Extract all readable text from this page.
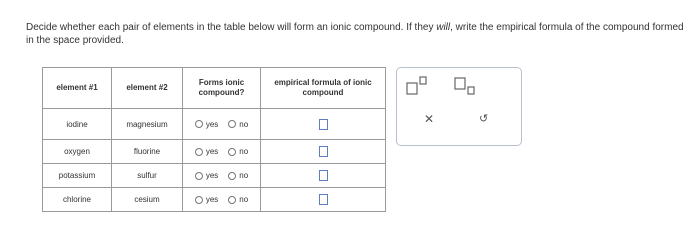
Decide whether each pair of elements in the table below will form an ionic compound. If they will, write the empirical formula of the compound formed in the space provided.
element #1	element #2	Forms ionic compound?	empirical formula of ionic compound
iodine	magnesium	yes no	

oxygen	fluorine	yes no	

potassium	sulfur	yes no	

chlorine	cesium	yes no	

✕	↺
